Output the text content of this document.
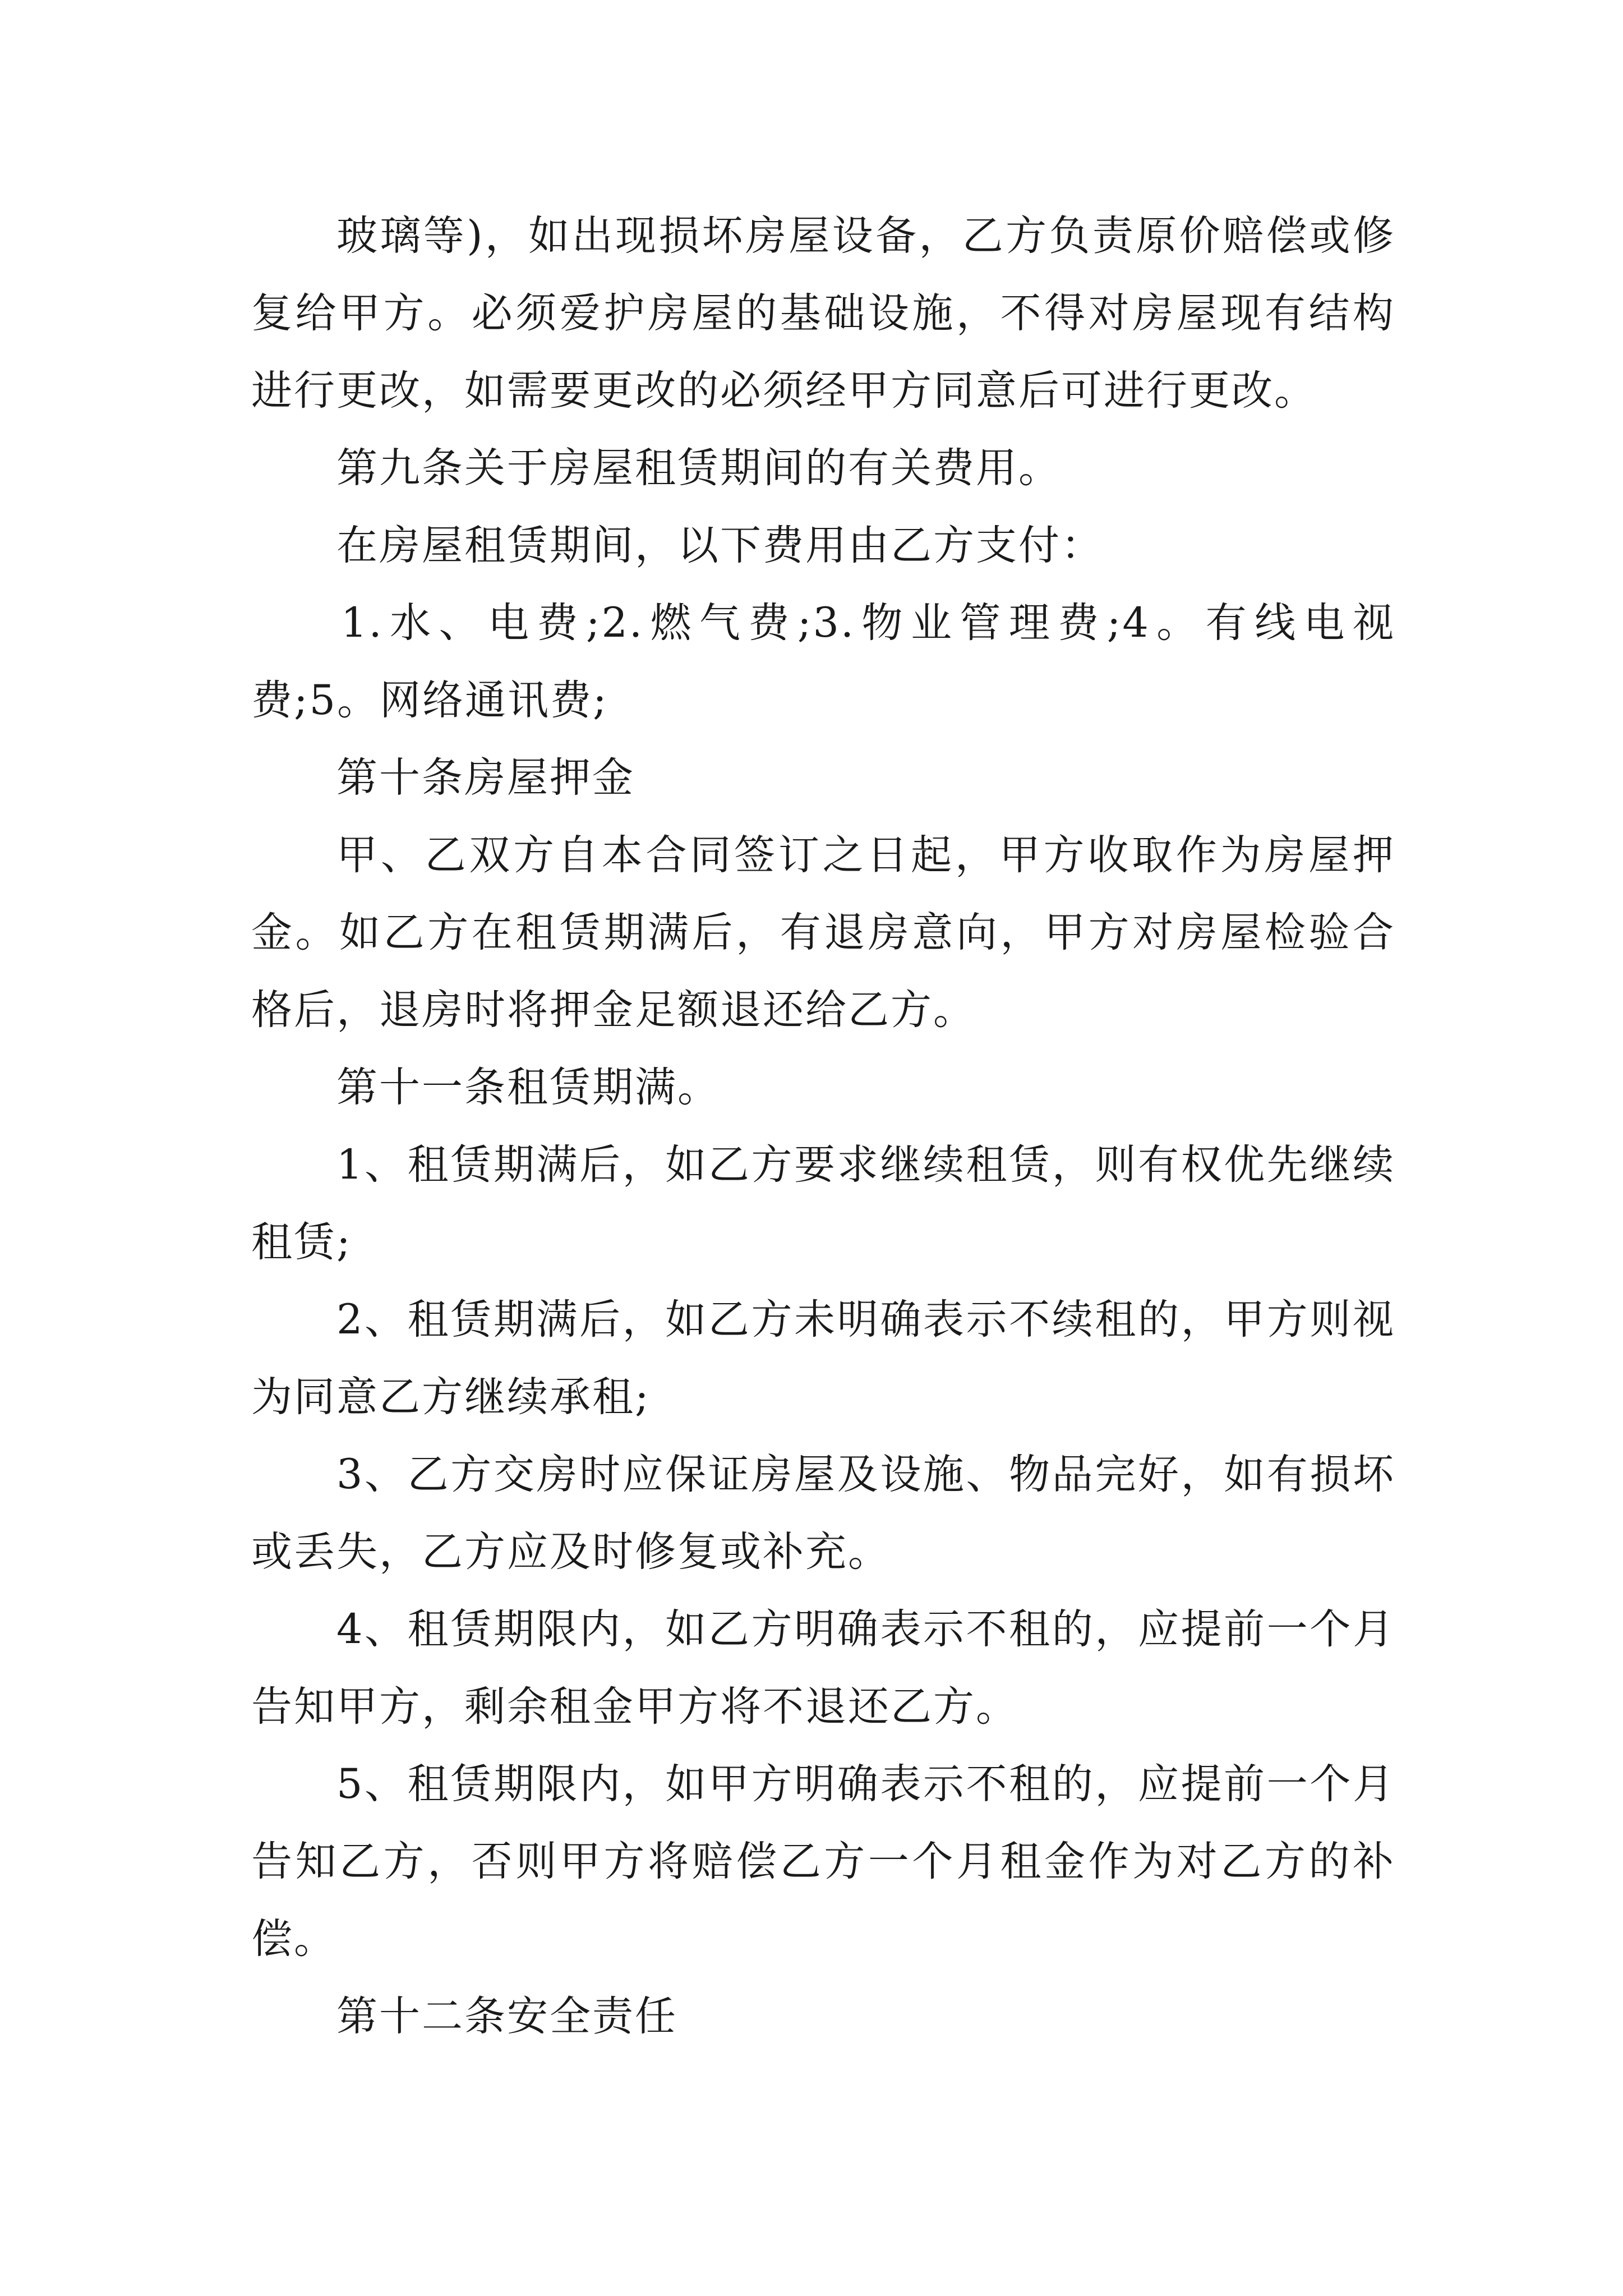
玻璃等)，如出现损坏房屋设备，乙方负责原价赔偿或修复给甲方。必须爱护房屋的基础设施，不得对房屋现有结构进行更改，如需要更改的必须经甲方同意后可进行更改。

第九条关于房屋租赁期间的有关费用。

在房屋租赁期间，以下费用由乙方支付：

1.水、电费;2.燃气费;3.物业管理费;4。有线电视费;5。网络通讯费;

第十条房屋押金

甲、乙双方自本合同签订之日起，甲方收取作为房屋押金。如乙方在租赁期满后，有退房意向，甲方对房屋检验合格后，退房时将押金足额退还给乙方。

第十一条租赁期满。

1、租赁期满后，如乙方要求继续租赁，则有权优先继续租赁;

2、租赁期满后，如乙方未明确表示不续租的，甲方则视为同意乙方继续承租;

3、乙方交房时应保证房屋及设施、物品完好，如有损坏或丢失，乙方应及时修复或补充。

4、租赁期限内，如乙方明确表示不租的，应提前一个月告知甲方，剩余租金甲方将不退还乙方。

5、租赁期限内，如甲方明确表示不租的，应提前一个月告知乙方，否则甲方将赔偿乙方一个月租金作为对乙方的补偿。

第十二条安全责任
